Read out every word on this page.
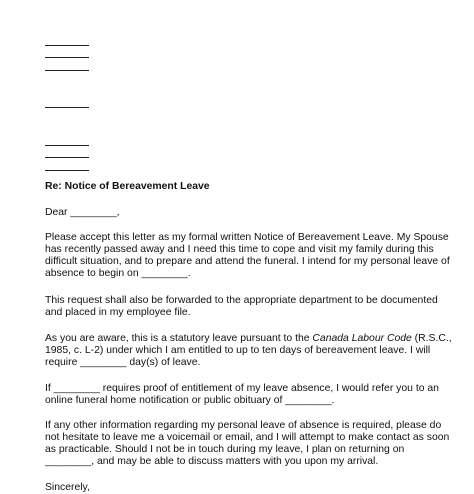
Re: Notice of Bereavement Leave

Dear ________,

Please accept this letter as my formal written Notice of Bereavement Leave. My Spouse
has recently passed away and I need this time to cope and visit my family during this
difficult situation, and to prepare and attend the funeral. I intend for my personal leave of
absence to begin on ________.

This request shall also be forwarded to the appropriate department to be documented
and placed in my employee file.

As you are aware, this is a statutory leave pursuant to the Canada Labour Code (R.S.C.,
1985, c. L-2) under which I am entitled to up to ten days of bereavement leave. I will
require ________ day(s) of leave.

If ________ requires proof of entitlement of my leave absence, I would refer you to an
online funeral home notification or public obituary of ________.

If any other information regarding my personal leave of absence is required, please do
not hesitate to leave me a voicemail or email, and I will attempt to make contact as soon
as practicable. Should I not be in touch during my leave, I plan on returning on
________, and may be able to discuss matters with you upon my arrival.

Sincerely,
